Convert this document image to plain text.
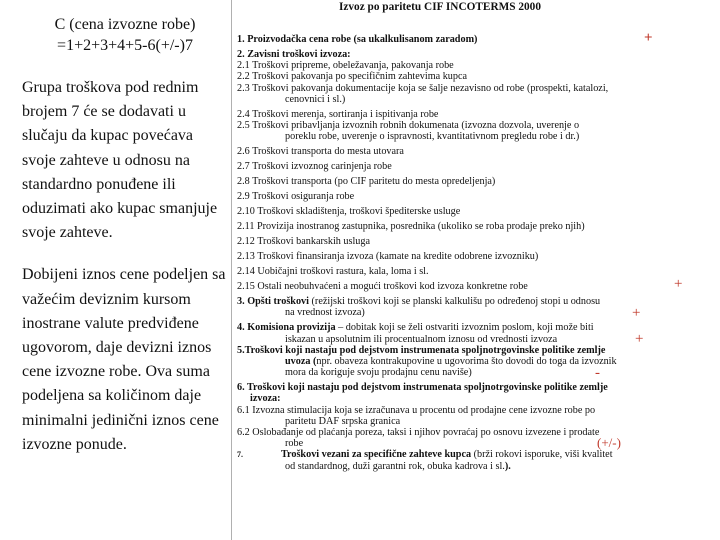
C (cena izvozne robe)
=1+2+3+4+5-6(+/-)7
Grupa troškova pod rednim brojem 7 će se dodavati u slučaju da kupac povećava svoje zahteve u odnosu na standardno ponuđene ili oduzimati ako kupac smanjuje svoje zahteve.
Dobijeni iznos cene podeljen sa važećim deviznim kursom inostrane valute predviđene ugovorom, daje devizni iznos cene izvozne robe. Ova suma podeljena sa količinom daje minimalni jedinični iznos cene izvozne ponude.
Izvoz po paritetu CIF INCOTERMS 2000
1. Proizvodačka cena robe (sa ukalkulisanom zaradom)	+
2. Zavisni troškovi izvoza:
2.1 Troškovi pripreme, obeležavanja, pakovanja robe
2.2 Troškovi pakovanja po specifičnim zahtevima kupca
2.3 Troškovi pakovanja dokumentacije koja se šalje nezavisno od robe (prospekti, katalozi,
cenovnici i sl.)
2.4 Troškovi merenja, sortiranja i ispitivanja robe
2.5 Troškovi pribavljanja izvoznih robnih dokumenata (izvozna dozvola, uverenje o
poreklu robe, uverenje o ispravnosti, kvantitativnom pregledu robe i dr.)
2.6 Troškovi transporta do mesta utovara
2.7 Troškovi izvoznog carinjenja robe
2.8 Troškovi transporta (po CIF paritetu do mesta opredeljenja)
2.9 Troškovi osiguranja robe
2.10 Troškovi skladištenja, troškovi špediterske usluge
2.11 Provizija inostranog zastupnika, posrednika (ukoliko se roba prodaje preko njih)
2.12 Troškovi bankarskih usluga
2.13 Troškovi finansiranja izvoza (kamate na kredite odobrene izvozniku)
2.14 Uobičajni troškovi rastura, kala, loma i sl.
2.15 Ostali neobuhvaćeni a mogući troškovi kod izvoza konkretne robe	+
3. Opšti troškovi (režijski troškovi koji se planski kalkulišu po određenoj stopi u odnosu
na vrednost izvoza)	+
4. Komisiona provizija – dobitak koji se želi ostvariti izvoznim poslom, koji može biti
iskazan u apsolutnim ili procentualnom iznosu od vrednosti izvoza	+
5.Troškovi koji nastaju pod dejstvom instrumenata spoljnotrgovinske politike zemlje
uvoza (npr. obaveza kontrakupovine u ugovorima što dovodi do toga da izvoznik
mora da koriguje svoju prodajnu cenu naviše)	-
6. Troškovi koji nastaju pod dejstvom instrumenata spoljnotrgovinske politike zemlje
izvoza:
6.1 Izvozna stimulacija koja se izračunava u procentu od prodajne cene izvozne robe po
paritetu DAF srpska granica
6.2 Oslobađanje od plaćanja poreza, taksi i njihov povraćaj po osnovu izvezene i prodate
robe	(+/-)
7.	Troškovi vezani za specifične zahteve kupca (brži rokovi isporuke, viši kvalitet
od standardnog, duži garantni rok, obuka kadrova i sl.).
